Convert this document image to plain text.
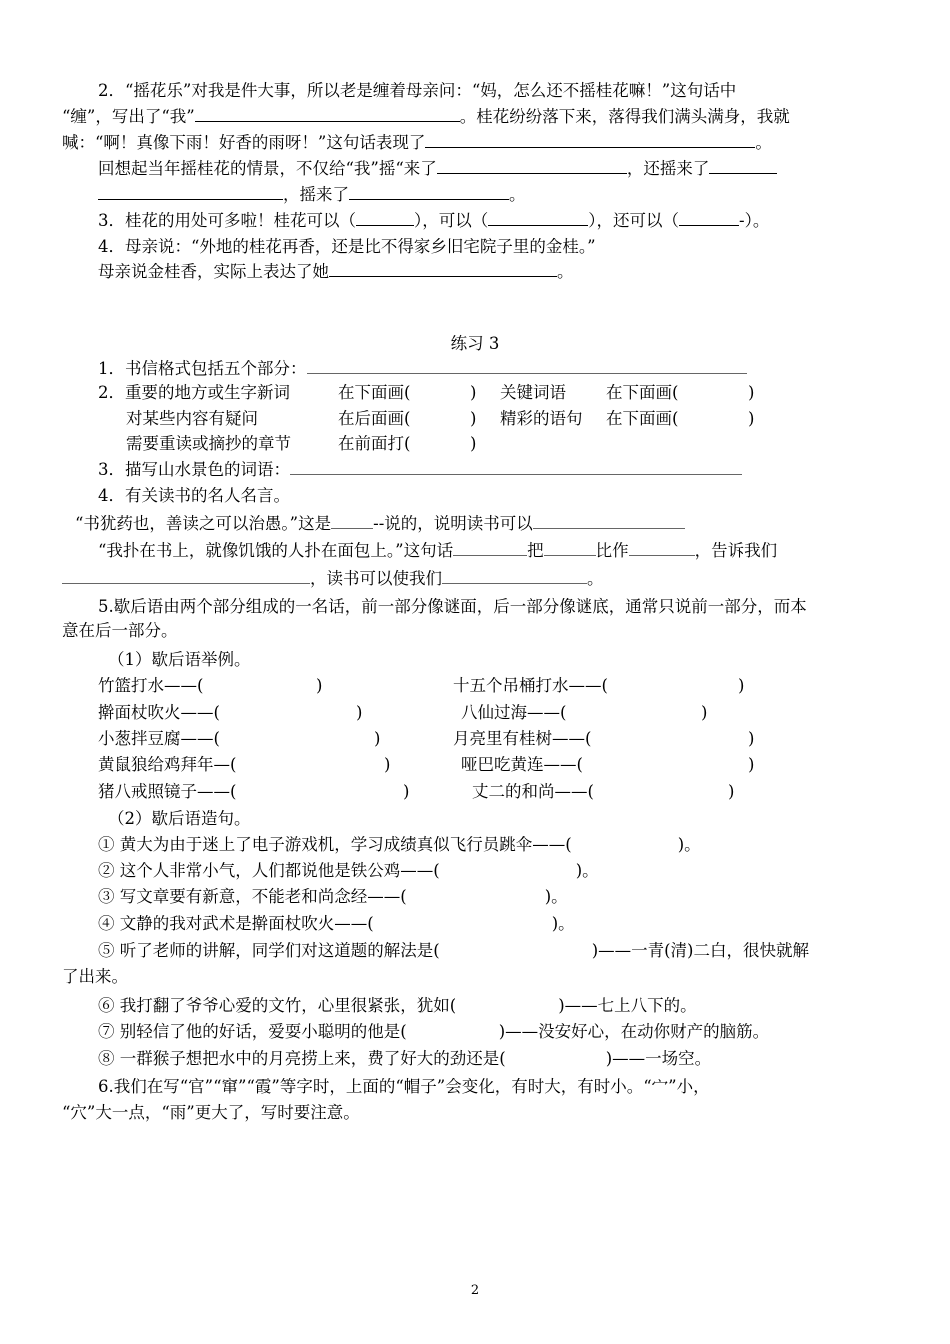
2．“摇花乐”对我是件大事，所以老是缠着母亲问：“妈，怎么还不摇桂花嘛！”这句话中
“缠”，写出了“我”	。桂花纷纷落下来，落得我们满头满身，我就
喊：“啊！真像下雨！好香的雨呀！”这句话表现了	。
回想起当年摇桂花的情景，不仅给“我”摇“来了	，还摇来了
，摇来了	。
3．桂花的用处可多啦！桂花可以（	），可以（	），还可以（	-）。
4．母亲说：“外地的桂花再香，还是比不得家乡旧宅院子里的金桂。”
母亲说金桂香，实际上表达了她	。
练习 3
1．书信格式包括五个部分：
2．重要的地方或生字新词	在下面画(	) 关键词语 在下面画(	)
对某些内容有疑问	在后面画(	) 精彩的语句 在下面画(	)
需要重读或摘抄的章节	在前面打(	)
3．描写山水景色的词语：
4．有关读书的名人名言。
“书犹药也，善读之可以治愚。”这是	--说的，说明读书可以
“我扑在书上，就像饥饿的人扑在面包上。”这句话	把	比作	，告诉我们
，读书可以使我们	。
5.歇后语由两个部分组成的一名话，前一部分像谜面，后一部分像谜底，通常只说前一部分，而本
意在后一部分。
（1）歇后语举例。
竹篮打水——(	)	十五个吊桶打水——(	)
擀面杖吹火——(	)	八仙过海——(	)
小葱拌豆腐——(	)	月亮里有桂树——(	)
黄鼠狼给鸡拜年—(	)	哑巴吃黄连——(	)
猪八戒照镜子——(	)	丈二的和尚——(	)
（2）歇后语造句。
① 黄大为由于迷上了电子游戏机，学习成绩真似飞行员跳伞——(	)。
② 这个人非常小气，人们都说他是铁公鸡——(	)。
③ 写文章要有新意，不能老和尚念经——(	)。
④ 文静的我对武术是擀面杖吹火——(	)。
⑤ 听了老师的讲解，同学们对这道题的解法是(	)——一青(清)二白，很快就解
了出来。
⑥ 我打翻了爷爷心爱的文竹，心里很紧张，犹如(	)——七上八下的。
⑦ 别轻信了他的好话，爱耍小聪明的他是(	)——没安好心，在动你财产的脑筋。
⑧ 一群猴子想把水中的月亮捞上来，费了好大的劲还是(	)——一场空。
6.我们在写“官”“窜”“霞”等字时，上面的“帽子”会变化，有时大，有时小。“宀”小，
“穴”大一点，“雨”更大了，写时要注意。
2
